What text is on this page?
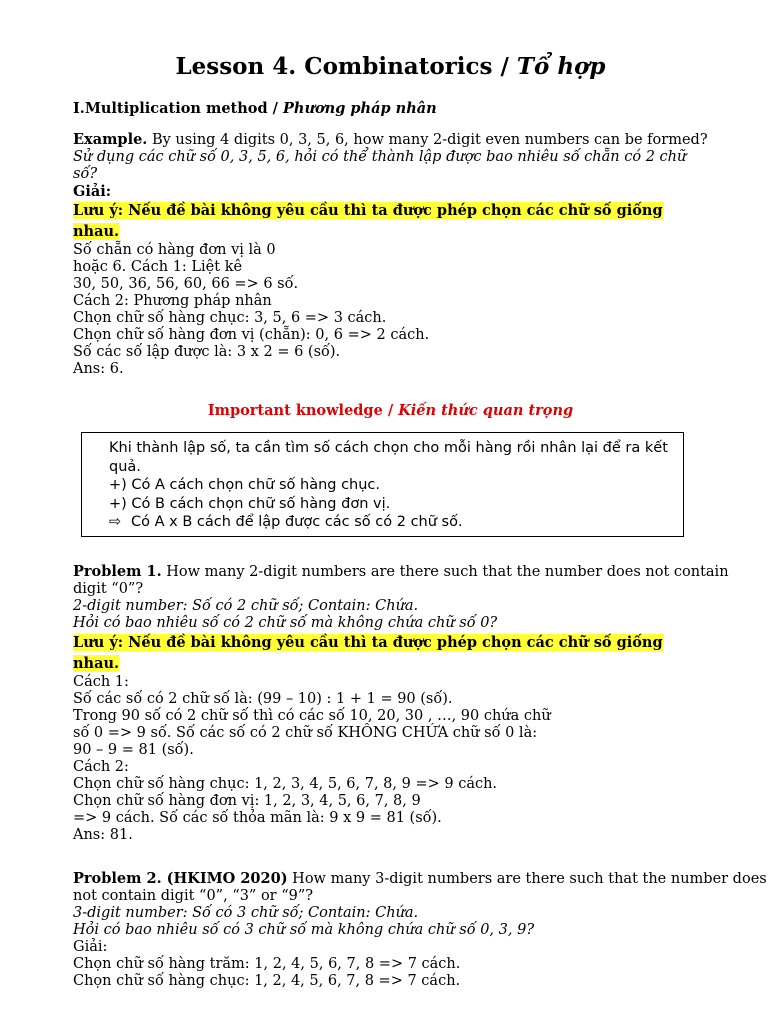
Lesson 4. Combinatorics / Tổ hợp

I.Multiplication method / Phương pháp nhân

Example. By using 4 digits 0, 3, 5, 6, how many 2-digit even numbers can be formed?

Sử dụng các chữ số 0, 3, 5, 6, hỏi có thể thành lập được bao nhiêu số chẵn có 2 chữ số?

Giải:

Lưu ý: Nếu đề bài không yêu cầu thì ta được phép chọn các chữ số giống nhau.

Số chẵn có hàng đơn vị là 0

hoặc 6. Cách 1: Liệt kê

30, 50, 36, 56, 60, 66 => 6 số.

Cách 2: Phương pháp nhân

Chọn chữ số hàng chục: 3, 5, 6 => 3 cách.

Chọn chữ số hàng đơn vị (chẵn): 0, 6 => 2 cách.

Số các số lập được là: 3 x 2 = 6 (số).

Ans: 6.

Important knowledge / Kiến thức quan trọng

Khi thành lập số, ta cần tìm số cách chọn cho mỗi hàng rồi nhân lại để ra kết quả.

+) Có A cách chọn chữ số hàng chục.

+) Có B cách chọn chữ số hàng đơn vị.

⇨ Có A x B cách để lập được các số có 2 chữ số.

Problem 1. How many 2-digit numbers are there such that the number does not contain

digit “0”?

2-digit number: Số có 2 chữ số; Contain: Chứa.

Hỏi có bao nhiêu số có 2 chữ số mà không chứa chữ số 0?

Lưu ý: Nếu đề bài không yêu cầu thì ta được phép chọn các chữ số giống nhau.

Cách 1:

Số các số có 2 chữ số là: (99 – 10) : 1 + 1 = 90 (số).

Trong 90 số có 2 chữ số thì có các số 10, 20, 30 , …, 90 chứa chữ

số 0 => 9 số. Số các số có 2 chữ số KHÔNG CHỨA chữ số 0 là:

90 – 9 = 81 (số).

Cách 2:

Chọn chữ số hàng chục: 1, 2, 3, 4, 5, 6, 7, 8, 9 => 9 cách.

Chọn chữ số hàng đơn vị: 1, 2, 3, 4, 5, 6, 7, 8, 9

=> 9 cách. Số các số thỏa mãn là: 9 x 9 = 81 (số).

Ans: 81.

Problem 2. (HKIMO 2020) How many 3-digit numbers are there such that the number does

not contain digit “0”, “3” or “9”?

3-digit number: Số có 3 chữ số; Contain: Chứa.

Hỏi có bao nhiêu số có 3 chữ số mà không chứa chữ số 0, 3, 9?

Giải:

Chọn chữ số hàng trăm: 1, 2, 4, 5, 6, 7, 8 => 7 cách.

Chọn chữ số hàng chục: 1, 2, 4, 5, 6, 7, 8 => 7 cách.
